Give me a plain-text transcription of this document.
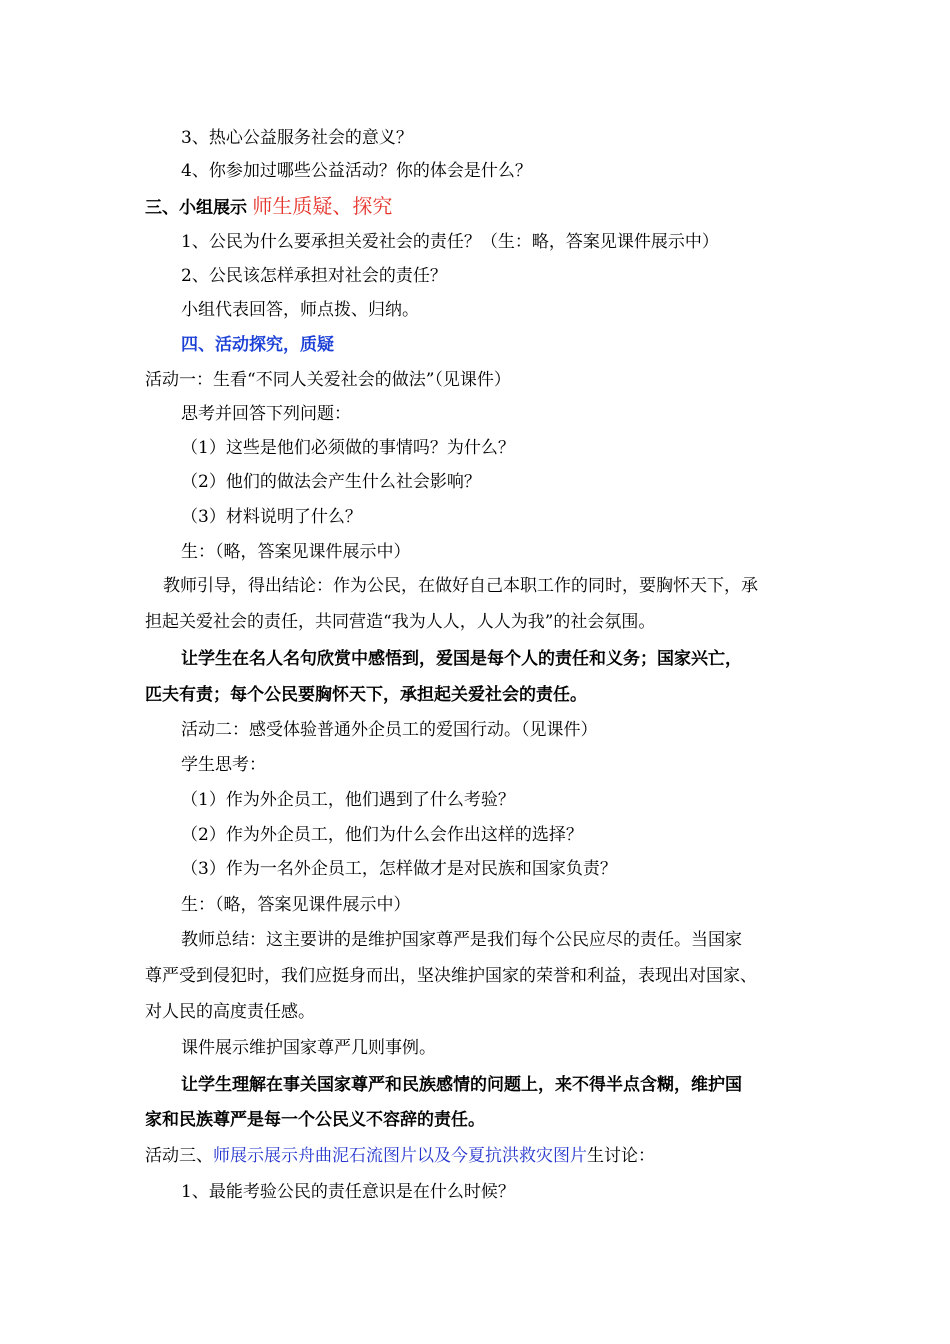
3、热心公益服务社会的意义？
4、你参加过哪些公益活动？你的体会是什么？
三、小组展示 师生质疑、探究
1、公民为什么要承担关爱社会的责任？（生：略，答案见课件展示中）
2、公民该怎样承担对社会的责任？
小组代表回答，师点拨、归纳。
四、活动探究，质疑
活动一：生看“不同人关爱社会的做法”（见课件）
思考并回答下列问题：
（1）这些是他们必须做的事情吗？为什么？
（2）他们的做法会产生什么社会影响？
（3）材料说明了什么？
生：（略，答案见课件展示中）
教师引导，得出结论：作为公民，在做好自己本职工作的同时，要胸怀天下，承
担起关爱社会的责任，共同营造“我为人人，人人为我”的社会氛围。
让学生在名人名句欣赏中感悟到，爱国是每个人的责任和义务；国家兴亡，
匹夫有责；每个公民要胸怀天下，承担起关爱社会的责任。
活动二：感受体验普通外企员工的爱国行动。（见课件）
学生思考：
（1）作为外企员工，他们遇到了什么考验？
（2）作为外企员工，他们为什么会作出这样的选择？
（3）作为一名外企员工，怎样做才是对民族和国家负责？
生：（略，答案见课件展示中）
教师总结：这主要讲的是维护国家尊严是我们每个公民应尽的责任。当国家
尊严受到侵犯时，我们应挺身而出，坚决维护国家的荣誉和利益，表现出对国家、
对人民的高度责任感。
课件展示维护国家尊严几则事例。
让学生理解在事关国家尊严和民族感情的问题上，来不得半点含糊，维护国
家和民族尊严是每一个公民义不容辞的责任。
活动三、师展示展示舟曲泥石流图片以及今夏抗洪救灾图片生讨论：
1、最能考验公民的责任意识是在什么时候？
